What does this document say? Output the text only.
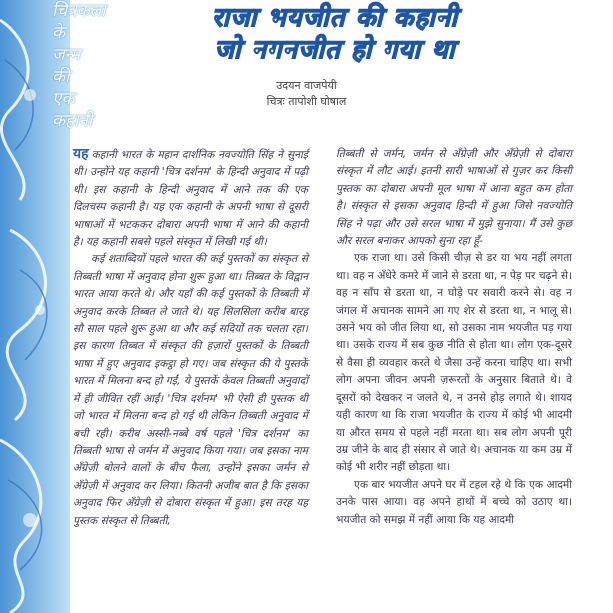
चित्रकला
के
जन्म
की
एक
कहानी
राजा भयजीत की कहानी
जो नगनजीत हो गया था
उदयन वाजपेयी
चित्रः तापोशी घोषाल

यह कहानी भारत के महान दार्शनिक नवज्योति सिंह ने सुनाई थी। उन्होंने यह कहानी 'चित्र दर्शनम' के हिन्दी अनुवाद में पढ़ी थी। इस कहानी के हिन्दी अनुवाद में आने तक की एक दिलचस्प कहानी है। यह एक कहानी के अपनी भाषा से दूसरी भाषाओं में भटककर दोबारा अपनी भाषा में आने की कहानी है। यह कहानी सबसे पहले संस्कृत में लिखी गई थी।

कई शताब्दियों पहले भारत की कई पुस्तकों का संस्कृत से तिब्बती भाषा में अनुवाद होना शुरू हुआ था। तिब्बत के विद्वान भारत आया करते थे। और यहाँ की कई पुस्तकों के तिब्बती में अनुवाद करके तिब्बत ले जाते थे। यह सिलसिला करीब बारह सौ साल पहले शुरू हुआ था और कई सदियों तक चलता रहा। इस कारण तिब्बत में संस्कृत की हज़ारों पुस्तकों के तिब्बती भाषा में हुए अनुवाद इकट्ठा हो गए। जब संस्कृत की ये पुस्तकें भारत में मिलना बन्द हो गईं, ये पुस्तकें केवल तिब्बती अनुवादों में ही जीवित रहीं आईं। 'चित्र दर्शनम' भी ऐसी ही पुस्तक थी जो भारत में मिलना बन्द हो गई थी लेकिन तिब्बती अनुवाद में बची रही। करीब अस्सी-नब्बे वर्ष पहले 'चित्र दर्शनम' का तिब्बती भाषा से जर्मन में अनुवाद किया गया। जब इसका नाम अँग्रेज़ी बोलने वालों के बीच फैला, उन्होंने इसका जर्मन से अँग्रेज़ी में अनुवाद कर लिया। कितनी अजीब बात है कि इसका अनुवाद फिर अँग्रेज़ी से दोबारा संस्कृत में हुआ। इस तरह यह पुस्तक संस्कृत से तिब्बती,

तिब्बती से जर्मन, जर्मन से अँग्रेज़ी और अँग्रेज़ी से दोबारा संस्कृत में लौट आई। इतनी सारी भाषाओं से गुज़र कर किसी पुस्तक का दोबारा अपनी मूल भाषा में आना बहुत कम होता है। संस्कृत से इसका अनुवाद हिन्दी में हुआ जिसे नवज्योति सिंह ने पढ़ा और उसे सरल भाषा में मुझे सुनाया। मैं उसे कुछ और सरल बनाकर आपको सुना रहा हूँ-

एक राजा था। उसे किसी चीज़ से डर या भय नहीं लगता था। वह न अँधेरे कमरे में जाने से डरता था, न पेड़ पर चढ़ने से। वह न साँप से डरता था, न घोड़े पर सवारी करने से। वह न जंगल में अचानक सामने आ गए शेर से डरता था, न भालू से। उसने भय को जीत लिया था, सो उसका नाम भयजीत पड़ गया था। उसके राज्य में सब कुछ नीति से होता था। लोग एक-दूसरे से वैसा ही व्यवहार करते थे जैसा उन्हें करना चाहिए था। सभी लोग अपना जीवन अपनी ज़रूरतों के अनुसार बिताते थे। वे दूसरों को देखकर न जलते थे, न उनसे होड़ लगाते थे। शायद यही कारण था कि राजा भयजीत के राज्य में कोई भी आदमी या औरत समय से पहले नहीं मरता था। सब लोग अपनी पूरी उम्र जीने के बाद ही संसार से जाते थे। अचानक या कम उम्र में कोई भी शरीर नहीं छोड़ता था।

एक बार भयजीत अपने घर में टहल रहे थे कि एक आदमी उनके पास आया। वह अपने हाथों में बच्चे को उठाए था। भयजीत को समझ में नहीं आया कि यह आदमी
